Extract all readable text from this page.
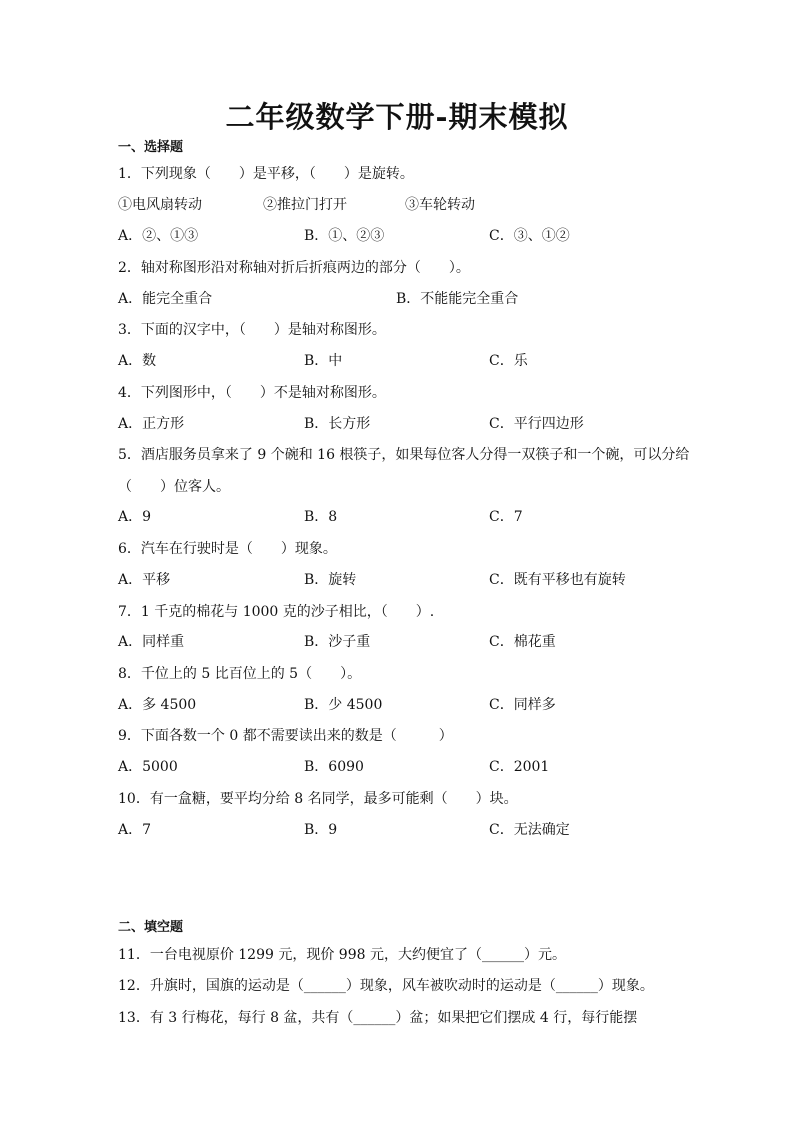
二年级数学下册-期末模拟
一、选择题
1．下列现象（　　）是平移，（　　）是旋转。
①电风扇转动	②推拉门打开	③车轮转动
A．②、①③	B．①、②③	C．③、①②
2．轴对称图形沿对称轴对折后折痕两边的部分（　　）。
A．能完全重合	B．不能能完全重合
3．下面的汉字中，（　　）是轴对称图形。
A．数	B．中	C．乐
4．下列图形中，（　　）不是轴对称图形。
A．正方形	B．长方形	C．平行四边形
5．酒店服务员拿来了 9 个碗和 16 根筷子，如果每位客人分得一双筷子和一个碗，可以分给
（　　）位客人。
A．9	B．8	C．7
6．汽车在行驶时是（　　）现象。
A．平移	B．旋转	C．既有平移也有旋转
7．1 千克的棉花与 1000 克的沙子相比，（　　）.
A．同样重	B．沙子重	C．棉花重
8．千位上的 5 比百位上的 5（　　）。
A．多 4500	B．少 4500	C．同样多
9．下面各数一个 0 都不需要读出来的数是（　　　）
A．5000	B．6090	C．2001
10．有一盒糖，要平均分给 8 名同学，最多可能剩（　　）块。
A．7	B．9	C．无法确定
二、填空题
11．一台电视原价 1299 元，现价 998 元，大约便宜了（______）元。
12．升旗时，国旗的运动是（______）现象，风车被吹动时的运动是（______）现象。
13．有 3 行梅花，每行 8 盆，共有（______）盆；如果把它们摆成 4 行，每行能摆
